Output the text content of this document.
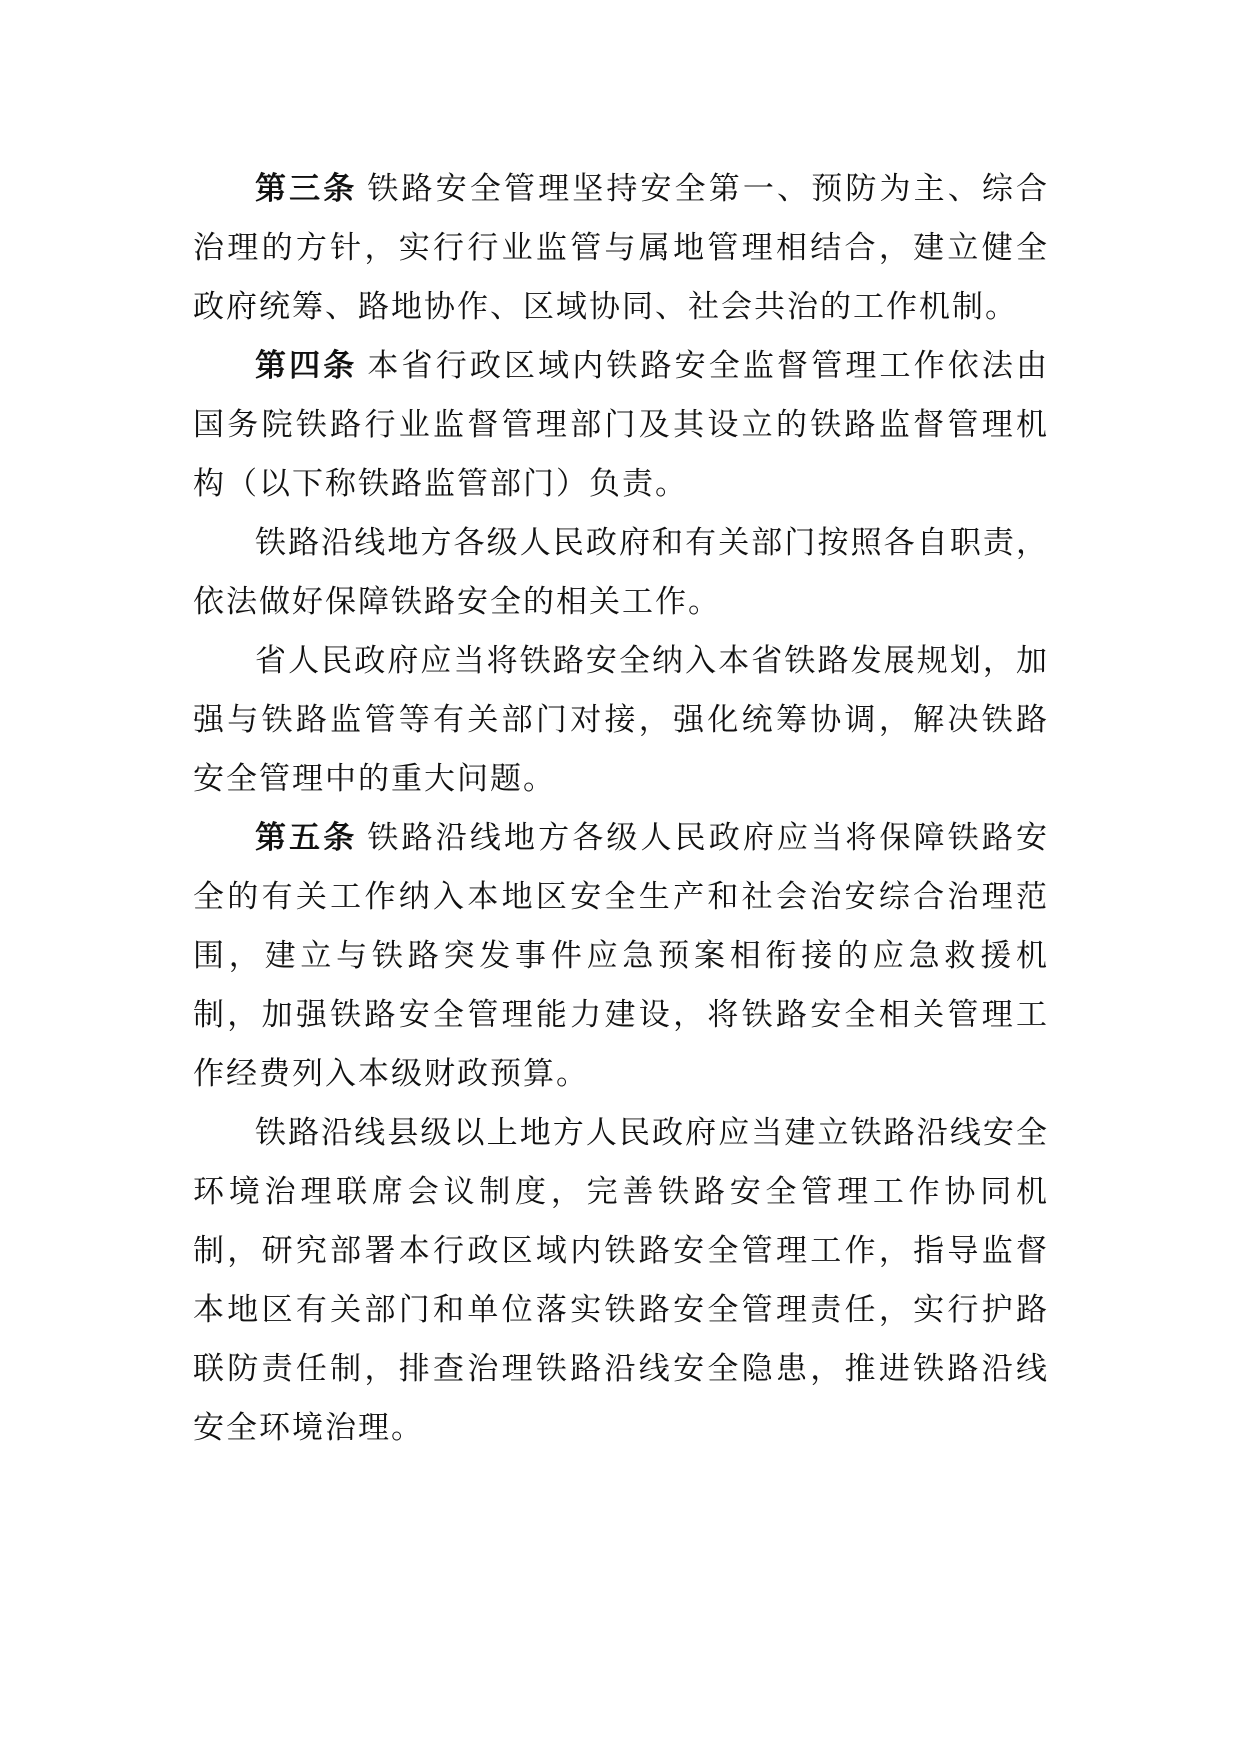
第三条 铁路安全管理坚持安全第一、预防为主、综合治理的方针，实行行业监管与属地管理相结合，建立健全政府统筹、路地协作、区域协同、社会共治的工作机制。

第四条 本省行政区域内铁路安全监督管理工作依法由国务院铁路行业监督管理部门及其设立的铁路监督管理机构（以下称铁路监管部门）负责。

铁路沿线地方各级人民政府和有关部门按照各自职责，依法做好保障铁路安全的相关工作。

省人民政府应当将铁路安全纳入本省铁路发展规划，加强与铁路监管等有关部门对接，强化统筹协调，解决铁路安全管理中的重大问题。

第五条 铁路沿线地方各级人民政府应当将保障铁路安全的有关工作纳入本地区安全生产和社会治安综合治理范围，建立与铁路突发事件应急预案相衔接的应急救援机制，加强铁路安全管理能力建设，将铁路安全相关管理工作经费列入本级财政预算。

铁路沿线县级以上地方人民政府应当建立铁路沿线安全环境治理联席会议制度，完善铁路安全管理工作协同机制，研究部署本行政区域内铁路安全管理工作，指导监督本地区有关部门和单位落实铁路安全管理责任，实行护路联防责任制，排查治理铁路沿线安全隐患，推进铁路沿线安全环境治理。
